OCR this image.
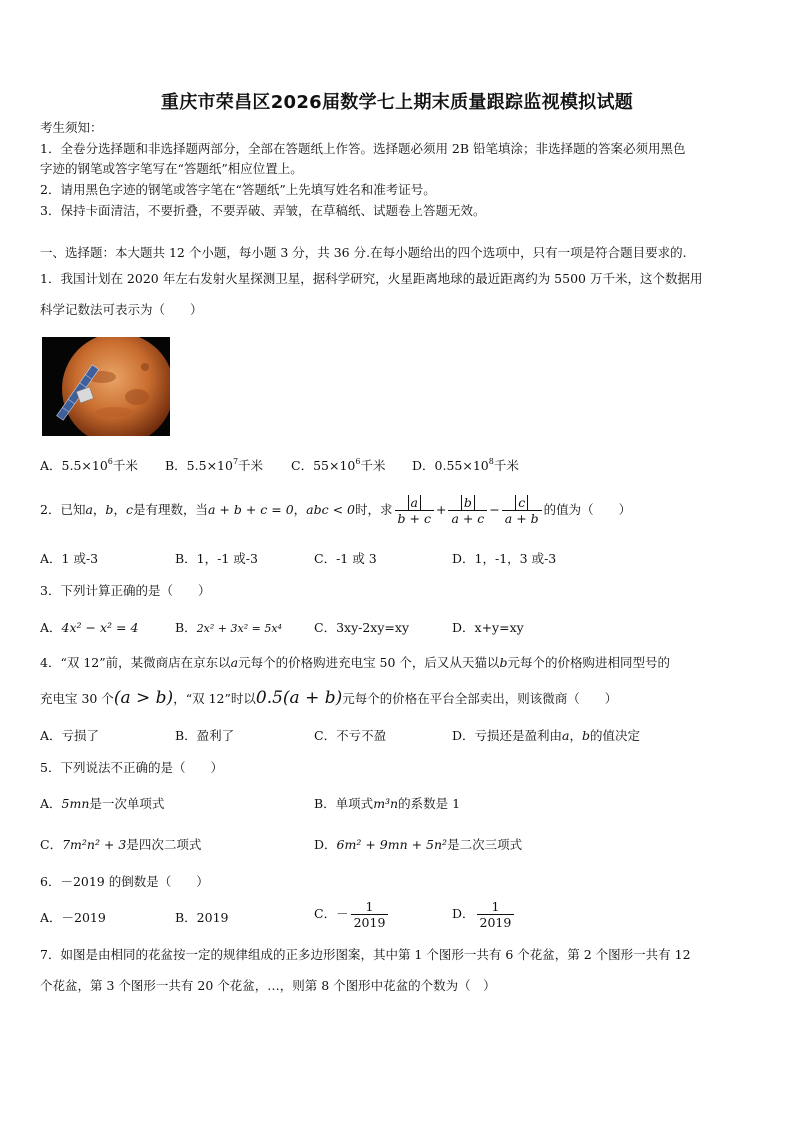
重庆市荣昌区2026届数学七上期末质量跟踪监视模拟试题
考生须知：
1．全卷分选择题和非选择题两部分，全部在答题纸上作答。选择题必须用 2B 铅笔填涂；非选择题的答案必须用黑色
字迹的钢笔或答字笔写在“答题纸”相应位置上。
2．请用黑色字迹的钢笔或答字笔在“答题纸”上先填写姓名和准考证号。
3．保持卡面清洁，不要折叠，不要弄破、弄皱，在草稿纸、试题卷上答题无效。
一、选择题：本大题共 12 个小题，每小题 3 分，共 36 分.在每小题给出的四个选项中，只有一项是符合题目要求的.
1．我国计划在 2020 年左右发射火星探测卫星，据科学研究，火星距离地球的最近距离约为 5500 万千米，这个数据用
科学记数法可表示为（　　）
A．$5.5\times 10^6$千米 B．$5.5\times 10^7$千米 C．$55\times 10^6$千米 D．$0.55\times 10^8$千米
2．已知a，b，c是有理数，当a + b + c = 0，abc < 0时，求 $\frac{a}{b + c} + \frac{b}{a + c} - \frac{c}{a + b}$ 的值为（　　）
A．1 或-3	B．1，-1 或-3	C．-1 或 3	D．1，-1，3 或-3
3．下列计算正确的是（　　）
A．4x² − x² = 4	B．2x² + 3x² = 5x⁴	C．3xy-2xy=xy	D．x+y=xy
4．“双 12”前，某微商店在京东以a元每个的价格购进充电宝 50 个，后又从天猫以b元每个的价格购进相同型号的
充电宝 30 个(a > b)，“双 12”时以0.5(a + b)元每个的价格在平台全部卖出，则该微商（　　）
A．亏损了	B．盈利了	C．不亏不盈	D．亏损还是盈利由a，b的值决定
5．下列说法不正确的是（　　）
A．5mn是一次单项式	B．单项式m³n的系数是 1
C．7m²n² + 3是四次二项式	D．6m² + 9mn + 5n²是二次三项式
6．－2019 的倒数是（　　）
A．－2019	B．2019	C．－ $\frac{1}{2019}$	D． $\frac{1}{2019}$
7．如图是由相同的花盆按一定的规律组成的正多边形图案，其中第 1 个图形一共有 6 个花盆，第 2 个图形一共有 12
个花盆，第 3 个图形一共有 20 个花盆，…，则第 8 个图形中花盆的个数为（　）
